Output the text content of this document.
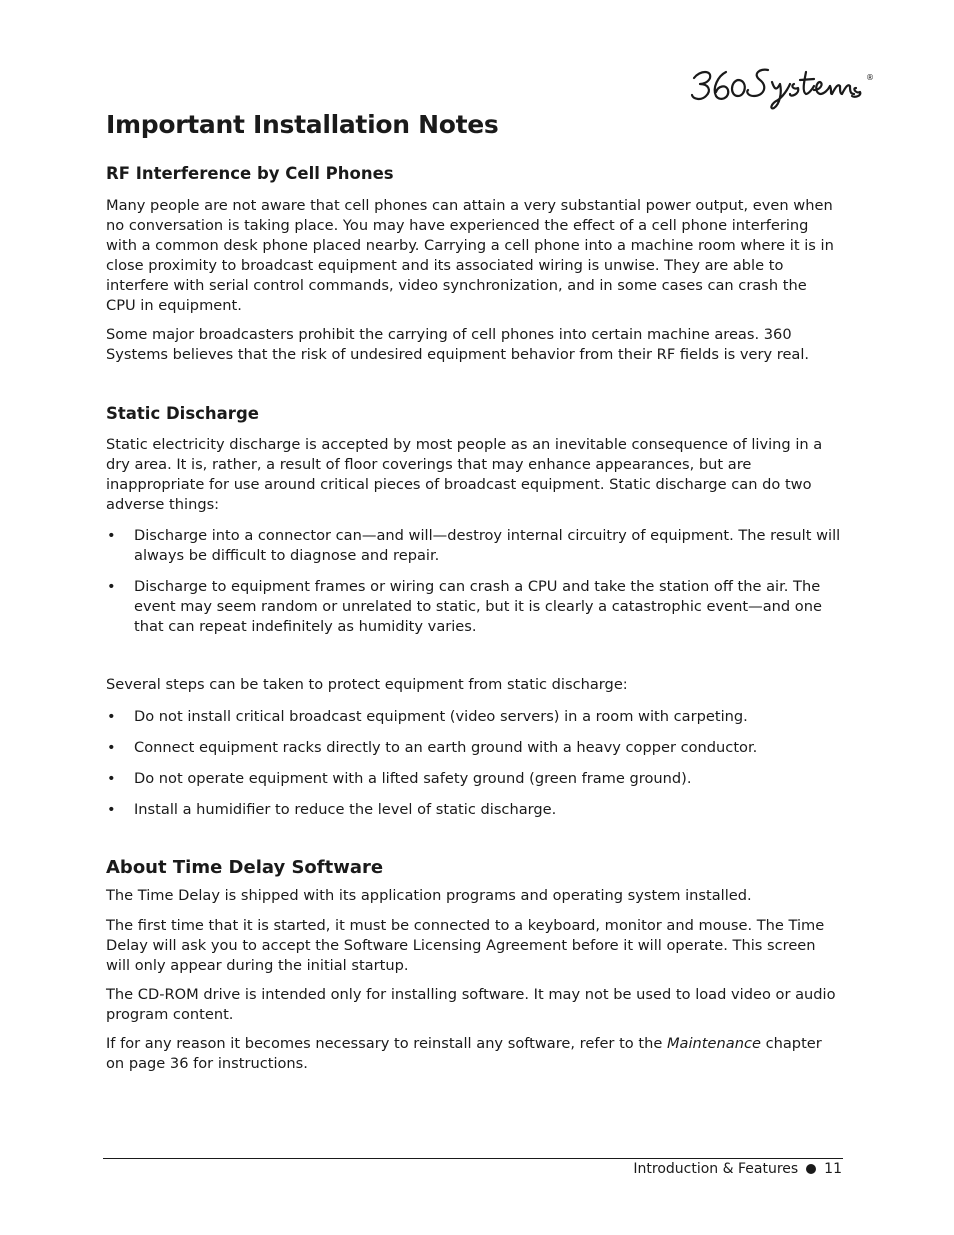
®
Important Installation Notes
RF Interference by Cell Phones

Many people are not aware that cell phones can attain a very substantial power output, even when no conversation is taking place. You may have experienced the effect of a cell phone interfering with a common desk phone placed nearby. Carrying a cell phone into a machine room where it is in close proximity to broadcast equipment and its associated wiring is unwise. They are able to interfere with serial control commands, video synchronization, and in some cases can crash the CPU in equipment.

Some major broadcasters prohibit the carrying of cell phones into certain machine areas. 360 Systems believes that the risk of undesired equipment behavior from their RF fields is very real.

Static Discharge

Static electricity discharge is accepted by most people as an inevitable consequence of living in a dry area. It is, rather, a result of floor coverings that may enhance appearances, but are inappropriate for use around critical pieces of broadcast equipment. Static discharge can do two adverse things:

• Discharge into a connector can—and will—destroy internal circuitry of equipment. The result will always be difficult to diagnose and repair.
• Discharge to equipment frames or wiring can crash a CPU and take the station off the air. The event may seem random or unrelated to static, but it is clearly a catastrophic event—and one that can repeat indefinitely as humidity varies.

Several steps can be taken to protect equipment from static discharge:

• Do not install critical broadcast equipment (video servers) in a room with carpeting.
• Connect equipment racks directly to an earth ground with a heavy copper conductor.
• Do not operate equipment with a lifted safety ground (green frame ground).
• Install a humidifier to reduce the level of static discharge.
About Time Delay Software

The Time Delay is shipped with its application programs and operating system installed.

The first time that it is started, it must be connected to a keyboard, monitor and mouse. The Time Delay will ask you to accept the Software Licensing Agreement before it will operate. This screen will only appear during the initial startup.

The CD-ROM drive is intended only for installing software. It may not be used to load video or audio program content.

If for any reason it becomes necessary to reinstall any software, refer to the Maintenance chapter on page 36 for instructions.

Introduction & Features 11
